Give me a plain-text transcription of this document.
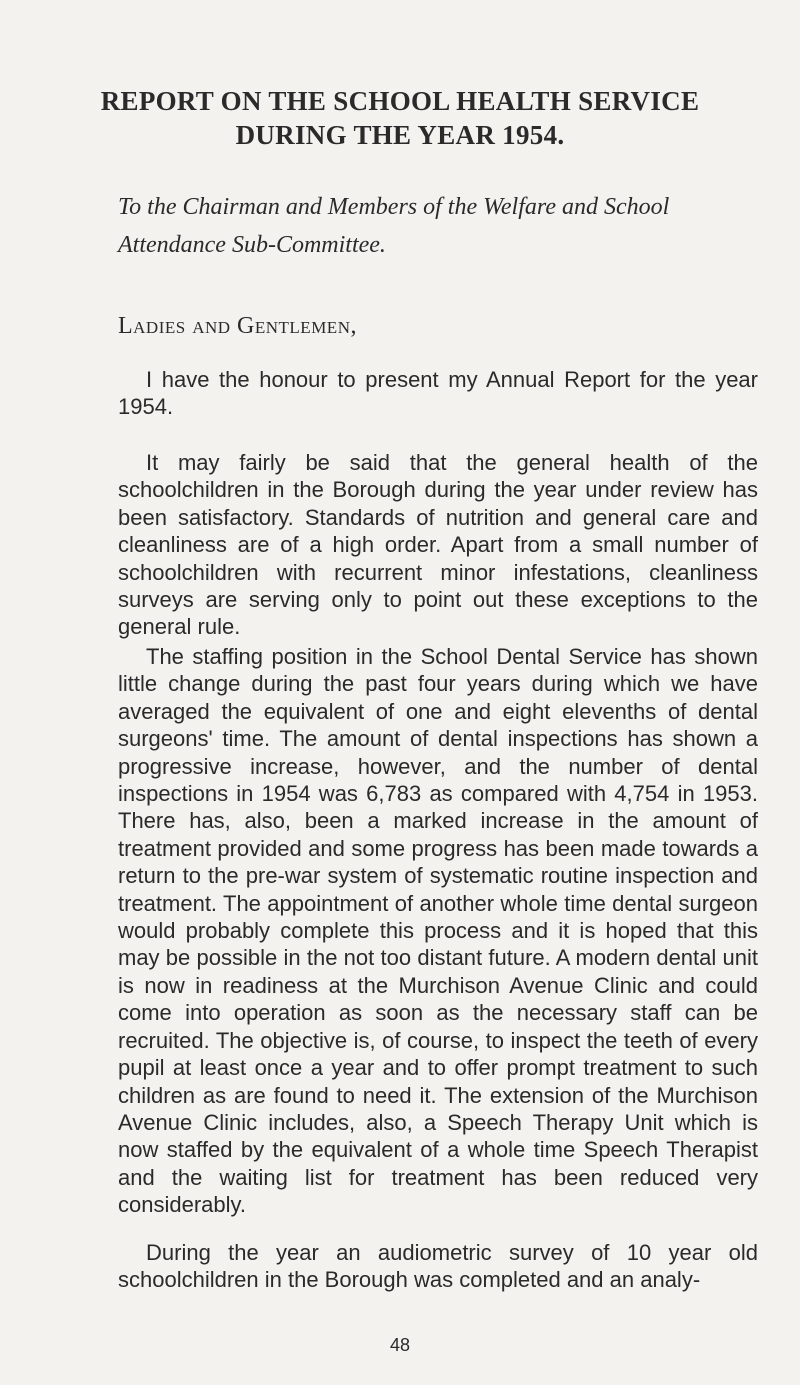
REPORT ON THE SCHOOL HEALTH SERVICE
DURING THE YEAR 1954.

To the Chairman and Members of the Welfare and School
Attendance Sub-Committee.

Ladies and Gentlemen,

I have the honour to present my Annual Report for the year 1954.

It may fairly be said that the general health of the schoolchildren in the Borough during the year under review has been satisfactory. Standards of nutrition and general care and cleanliness are of a high order. Apart from a small number of schoolchildren with recurrent minor infestations, cleanliness surveys are serving only to point out these exceptions to the general rule.

The staffing position in the School Dental Service has shown little change during the past four years during which we have averaged the equivalent of one and eight elevenths of dental surgeons' time. The amount of dental inspections has shown a progressive increase, however, and the number of dental inspections in 1954 was 6,783 as compared with 4,754 in 1953. There has, also, been a marked increase in the amount of treatment provided and some progress has been made towards a return to the pre-war system of systematic routine inspection and treatment. The appointment of another whole time dental surgeon would probably complete this process and it is hoped that this may be possible in the not too distant future. A modern dental unit is now in readiness at the Murchison Avenue Clinic and could come into operation as soon as the necessary staff can be recruited. The objective is, of course, to inspect the teeth of every pupil at least once a year and to offer prompt treatment to such children as are found to need it. The extension of the Murchison Avenue Clinic includes, also, a Speech Therapy Unit which is now staffed by the equivalent of a whole time Speech Therapist and the waiting list for treatment has been reduced very considerably.

During the year an audiometric survey of 10 year old schoolchildren in the Borough was completed and an analy-

48
